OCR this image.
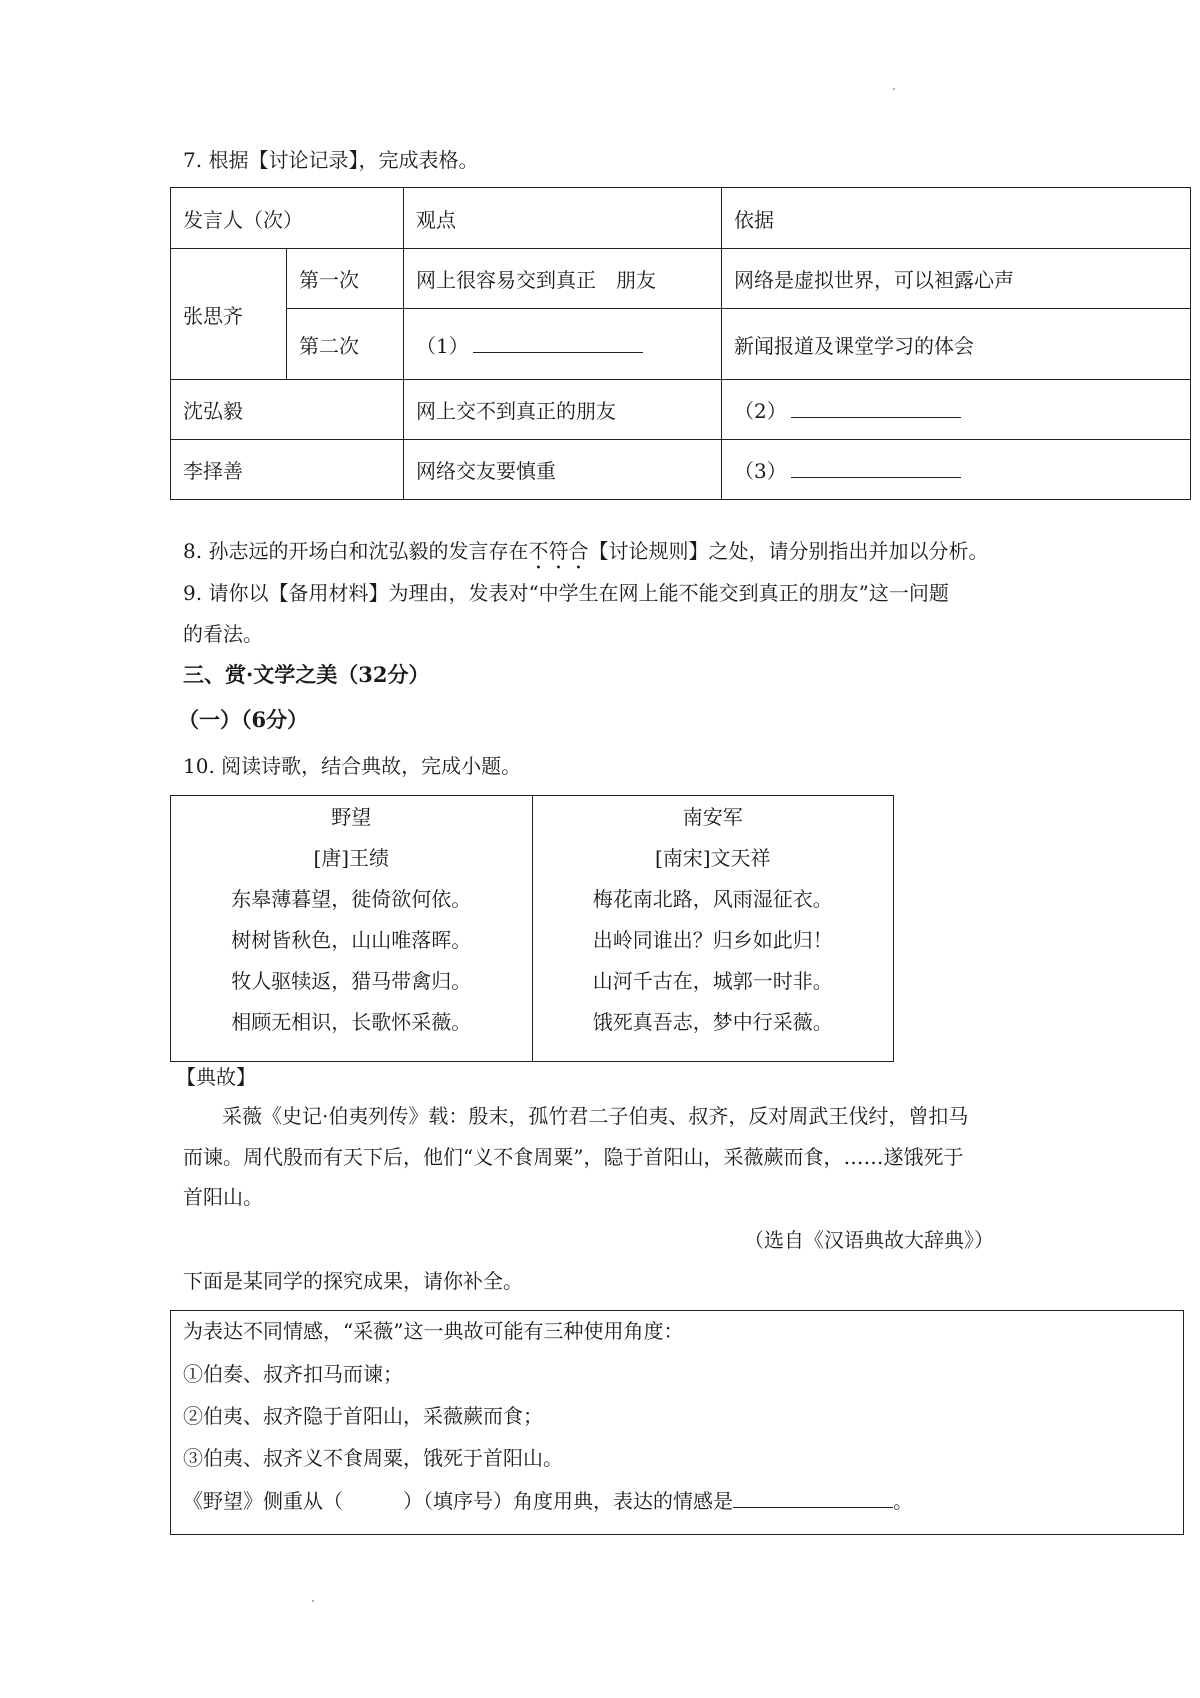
7. 根据【讨论记录】，完成表格。
发言人（次）		观点	依据
张思齐	第一次	网上很容易交到真正　朋友	网络是虚拟世界，可以袒露心声
	第二次	（1）	新闻报道及课堂学习的体会
沈弘毅		网上交不到真正的朋友	（2）
李择善		网络交友要慎重	（3）
8. 孙志远的开场白和沈弘毅的发言存在不符合【讨论规则】之处，请分别指出并加以分析。
9. 请你以【备用材料】为理由，发表对“中学生在网上能不能交到真正的朋友”这一问题
的看法。
三、赏·文学之美（32分）
（一）（6分）
10. 阅读诗歌，结合典故，完成小题。
野望
[唐]王绩
东皋薄暮望，徙倚欲何依。
树树皆秋色，山山唯落晖。
牧人驱犊返，猎马带禽归。
相顾无相识，长歌怀采薇。
南安军
[南宋]文天祥
梅花南北路，风雨湿征衣。
出岭同谁出？归乡如此归！
山河千古在，城郭一时非。
饿死真吾志，梦中行采薇。
【典故】
采薇《史记·伯夷列传》载：殷末，孤竹君二子伯夷、叔齐，反对周武王伐纣，曾扣马
而谏。周代殷而有天下后，他们“义不食周粟”，隐于首阳山，采薇蕨而食，……遂饿死于
首阳山。
（选自《汉语典故大辞典》）
下面是某同学的探究成果，请你补全。
为表达不同情感，“采薇”这一典故可能有三种使用角度：
①伯奏、叔齐扣马而谏；
②伯夷、叔齐隐于首阳山，采薇蕨而食；
③伯夷、叔齐义不食周粟，饿死于首阳山。
《野望》侧重从（　　　）（填序号）角度用典，表达的情感是	。
